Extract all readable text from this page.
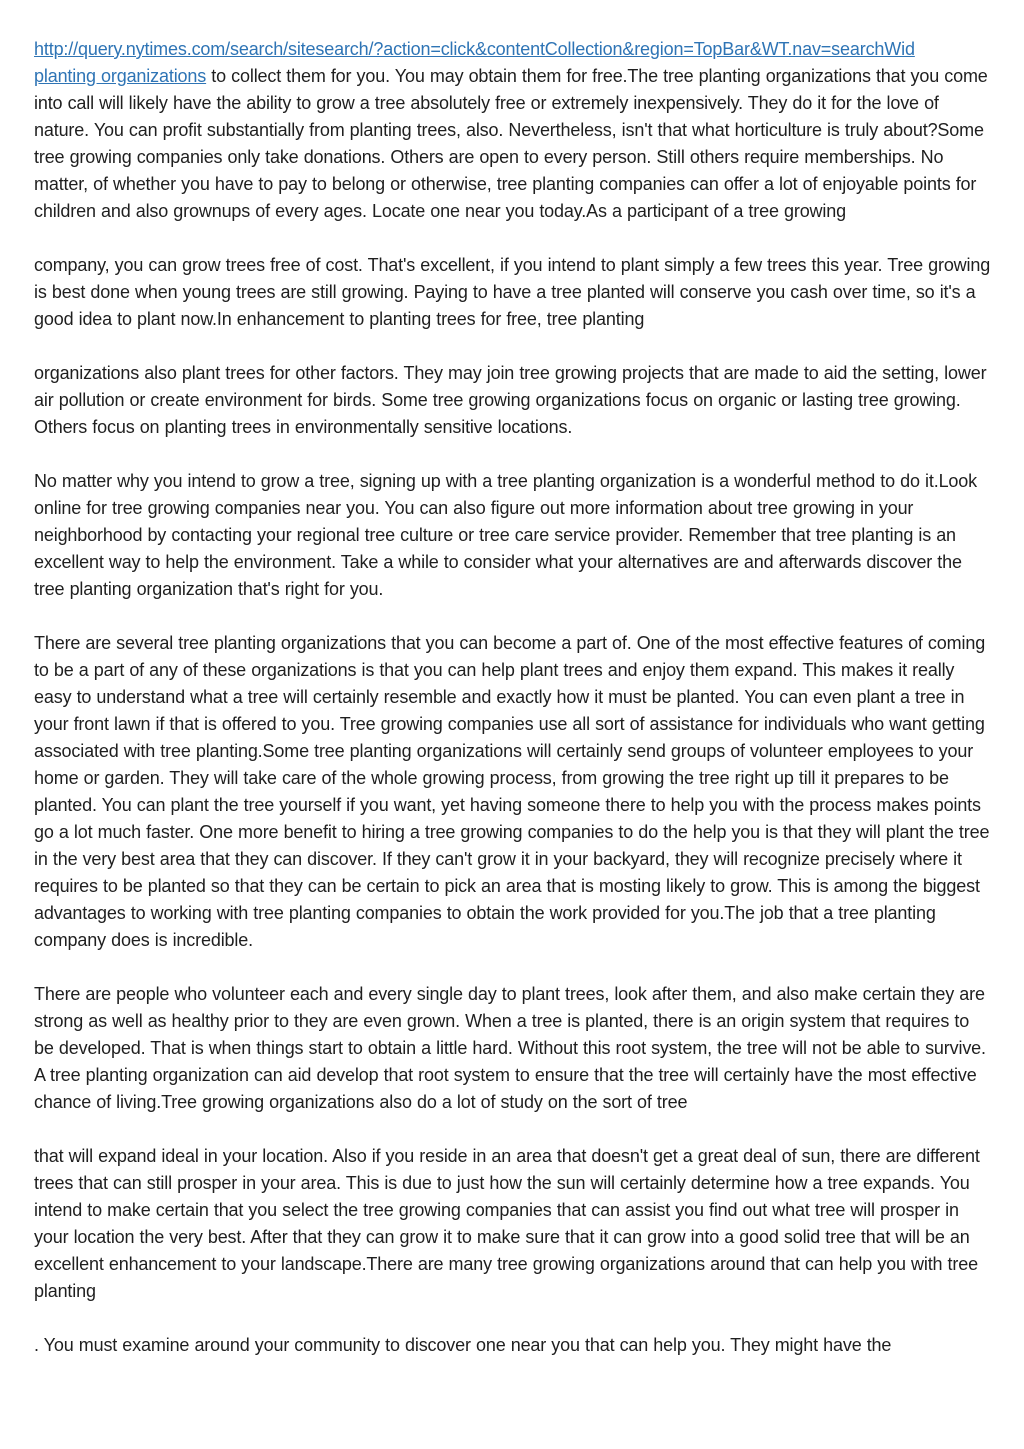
http://query.nytimes.com/search/sitesearch/?action=click&contentCollection&region=TopBar&WT.nav=searchWid
planting organizations to collect them for you. You may obtain them for free.The tree planting organizations that you come into call will likely have the ability to grow a tree absolutely free or extremely inexpensively. They do it for the love of nature. You can profit substantially from planting trees, also. Nevertheless, isn't that what horticulture is truly about?Some tree growing companies only take donations. Others are open to every person. Still others require memberships. No matter, of whether you have to pay to belong or otherwise, tree planting companies can offer a lot of enjoyable points for children and also grownups of every ages. Locate one near you today.As a participant of a tree growing

company, you can grow trees free of cost. That's excellent, if you intend to plant simply a few trees this year. Tree growing is best done when young trees are still growing. Paying to have a tree planted will conserve you cash over time, so it's a good idea to plant now.In enhancement to planting trees for free, tree planting

organizations also plant trees for other factors. They may join tree growing projects that are made to aid the setting, lower air pollution or create environment for birds. Some tree growing organizations focus on organic or lasting tree growing. Others focus on planting trees in environmentally sensitive locations.

No matter why you intend to grow a tree, signing up with a tree planting organization is a wonderful method to do it.Look online for tree growing companies near you. You can also figure out more information about tree growing in your neighborhood by contacting your regional tree culture or tree care service provider. Remember that tree planting is an excellent way to help the environment. Take a while to consider what your alternatives are and afterwards discover the tree planting organization that's right for you.

There are several tree planting organizations that you can become a part of. One of the most effective features of coming to be a part of any of these organizations is that you can help plant trees and enjoy them expand. This makes it really easy to understand what a tree will certainly resemble and exactly how it must be planted. You can even plant a tree in your front lawn if that is offered to you. Tree growing companies use all sort of assistance for individuals who want getting associated with tree planting.Some tree planting organizations will certainly send groups of volunteer employees to your home or garden. They will take care of the whole growing process, from growing the tree right up till it prepares to be planted. You can plant the tree yourself if you want, yet having someone there to help you with the process makes points go a lot much faster. One more benefit to hiring a tree growing companies to do the help you is that they will plant the tree in the very best area that they can discover. If they can't grow it in your backyard, they will recognize precisely where it requires to be planted so that they can be certain to pick an area that is mosting likely to grow. This is among the biggest advantages to working with tree planting companies to obtain the work provided for you.The job that a tree planting company does is incredible.

There are people who volunteer each and every single day to plant trees, look after them, and also make certain they are strong as well as healthy prior to they are even grown. When a tree is planted, there is an origin system that requires to be developed. That is when things start to obtain a little hard. Without this root system, the tree will not be able to survive. A tree planting organization can aid develop that root system to ensure that the tree will certainly have the most effective chance of living.Tree growing organizations also do a lot of study on the sort of tree

that will expand ideal in your location. Also if you reside in an area that doesn't get a great deal of sun, there are different trees that can still prosper in your area. This is due to just how the sun will certainly determine how a tree expands. You intend to make certain that you select the tree growing companies that can assist you find out what tree will prosper in your location the very best. After that they can grow it to make sure that it can grow into a good solid tree that will be an excellent enhancement to your landscape.There are many tree growing organizations around that can help you with tree planting

. You must examine around your community to discover one near you that can help you. They might have the
